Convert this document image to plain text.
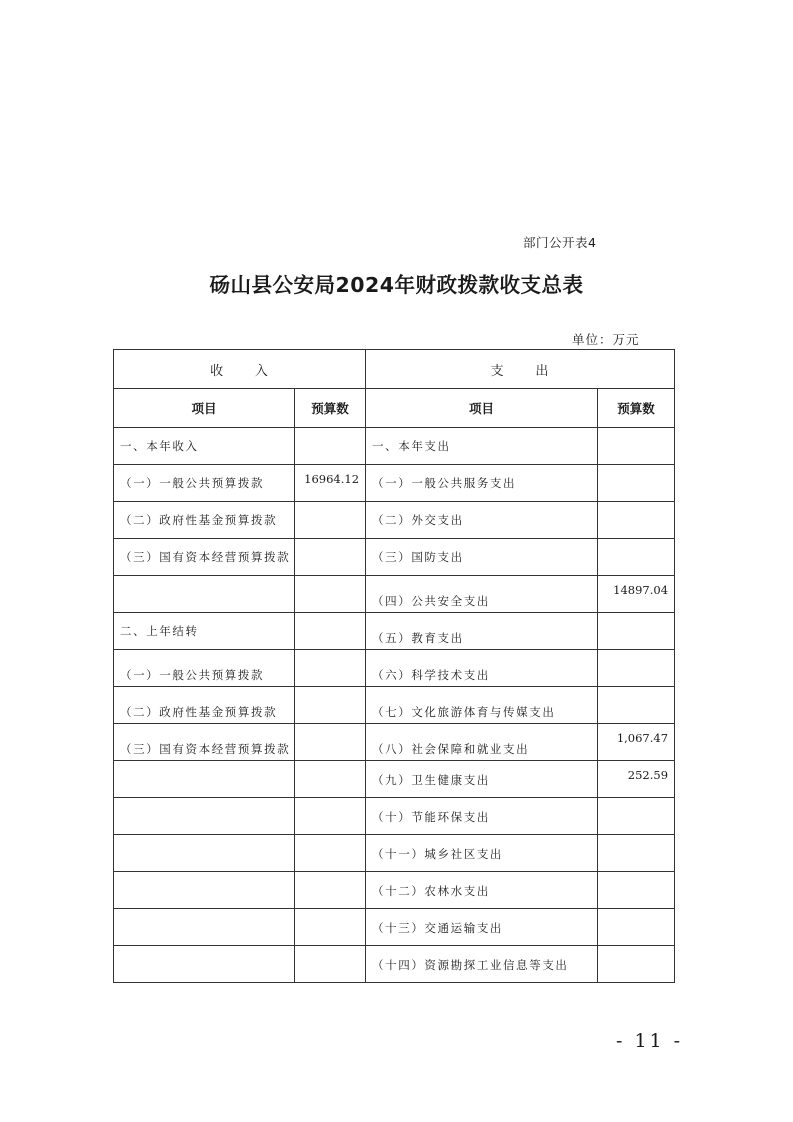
部门公开表4
砀山县公安局2024年财政拨款收支总表
单位：万元
收      入		支      出	
项目	预算数	项目	预算数
一、本年收入		一、本年支出	
（一）一般公共预算拨款	16964.12	（一）一般公共服务支出	
（二）政府性基金预算拨款		（二）外交支出	
（三）国有资本经营预算拨款		（三）国防支出	
		（四）公共安全支出	14897.04
二、上年结转		（五）教育支出	
（一）一般公共预算拨款		（六）科学技术支出	
（二）政府性基金预算拨款		（七）文化旅游体育与传媒支出	
（三）国有资本经营预算拨款		（八）社会保障和就业支出	1,067.47
		（九）卫生健康支出	252.59
		（十）节能环保支出	
		（十一）城乡社区支出	
		（十二）农林水支出	
		（十三）交通运输支出	
		（十四）资源勘探工业信息等支出	
- 11 -
